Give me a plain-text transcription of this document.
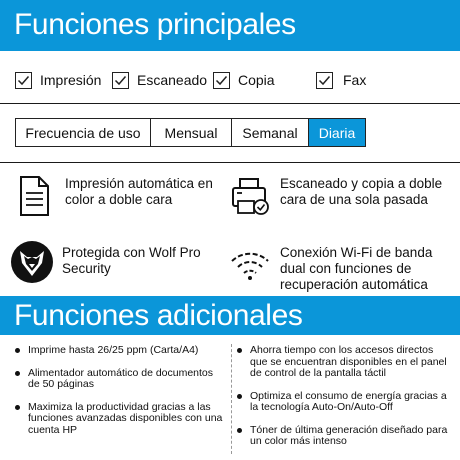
Funciones principales
Impresión	Escaneado Copia	Fax
Frecuencia de uso	Mensual	Semanal	Diaria
Impresión automática en color a doble cara
Escaneado y copia a doble cara de una sola pasada
Protegida con Wolf Pro Security
Conexión Wi-Fi de banda dual con funciones de recuperación automática
Funciones adicionales
Imprime hasta 26/25 ppm (Carta/A4)
Alimentador automático de documentos de 50 páginas
Maximiza la productividad gracias a las funciones avanzadas disponibles con una cuenta HP
Ahorra tiempo con los accesos directos que se encuentran disponibles en el panel de control de la pantalla táctil
Optimiza el consumo de energía gracias a la tecnología Auto-On/Auto-Off
Tóner de última generación diseñado para un color más intenso
